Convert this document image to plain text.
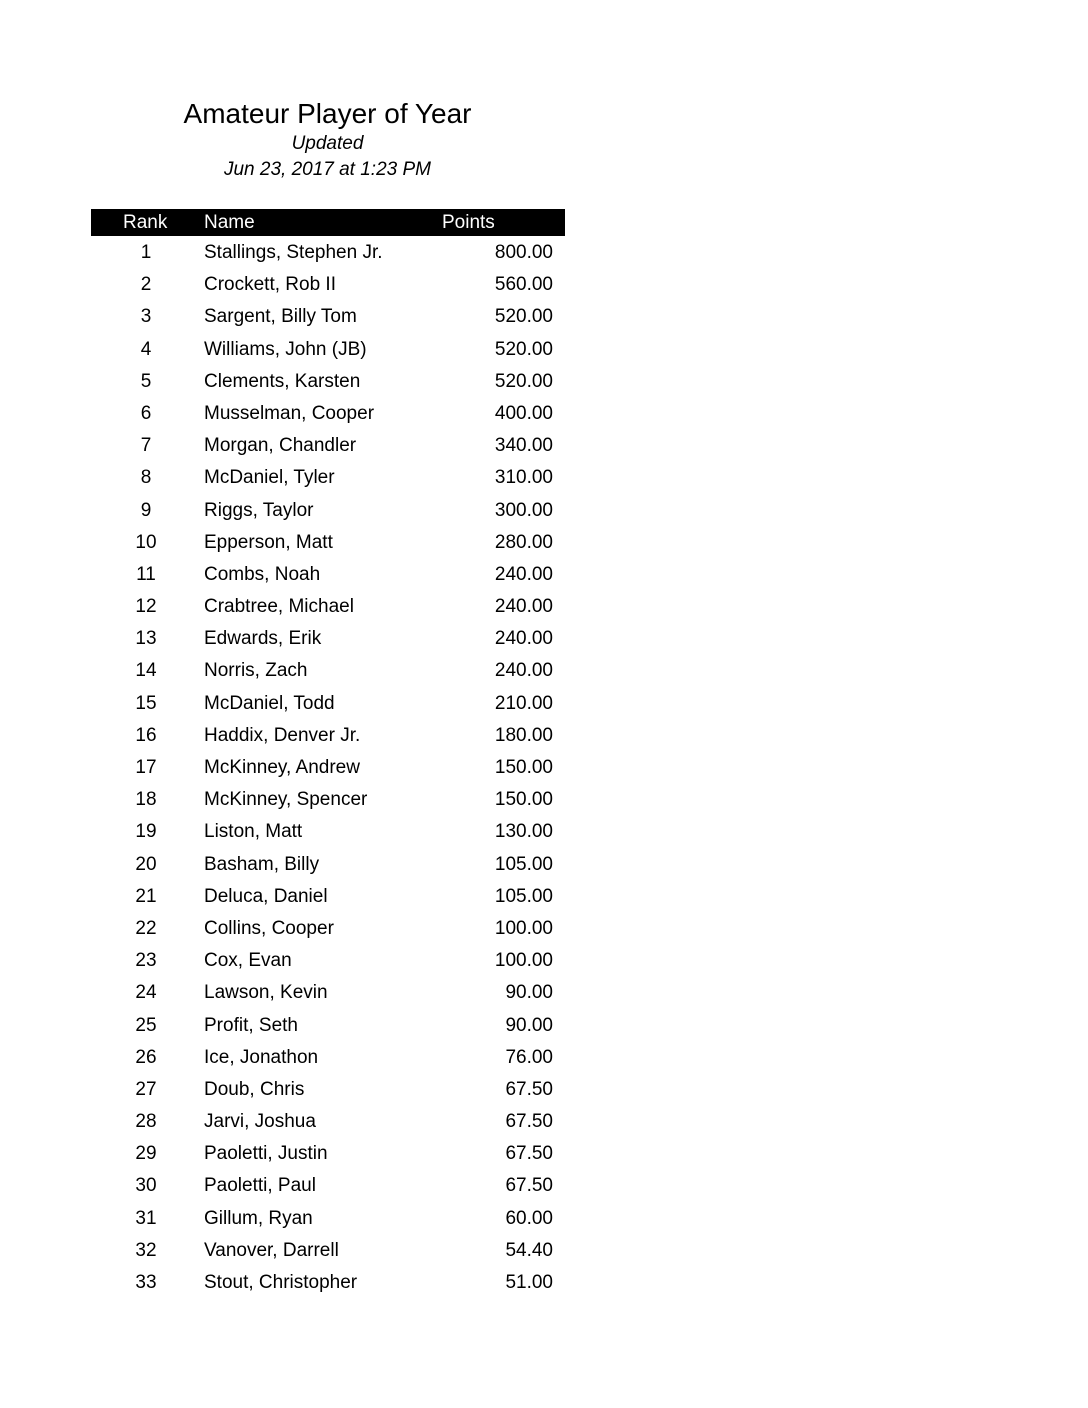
Amateur Player of Year
Updated
Jun 23, 2017 at 1:23 PM
Rank Name	Points
1	Stallings, Stephen Jr.	800.00
2	Crockett, Rob II	560.00
3	Sargent, Billy Tom	520.00
4	Williams, John (JB)	520.00
5	Clements, Karsten	520.00
6	Musselman, Cooper	400.00
7	Morgan, Chandler	340.00
8	McDaniel, Tyler	310.00
9	Riggs, Taylor	300.00
10	Epperson, Matt	280.00
11	Combs, Noah	240.00
12	Crabtree, Michael	240.00
13	Edwards, Erik	240.00
14	Norris, Zach	240.00
15	McDaniel, Todd	210.00
16	Haddix, Denver Jr.	180.00
17	McKinney, Andrew	150.00
18	McKinney, Spencer	150.00
19	Liston, Matt	130.00
20	Basham, Billy	105.00
21	Deluca, Daniel	105.00
22	Collins, Cooper	100.00
23	Cox, Evan	100.00
24	Lawson, Kevin	90.00
25	Profit, Seth	90.00
26	Ice, Jonathon	76.00
27	Doub, Chris	67.50
28	Jarvi, Joshua	67.50
29	Paoletti, Justin	67.50
30	Paoletti, Paul	67.50
31	Gillum, Ryan	60.00
32	Vanover, Darrell	54.40
33	Stout, Christopher	51.00
